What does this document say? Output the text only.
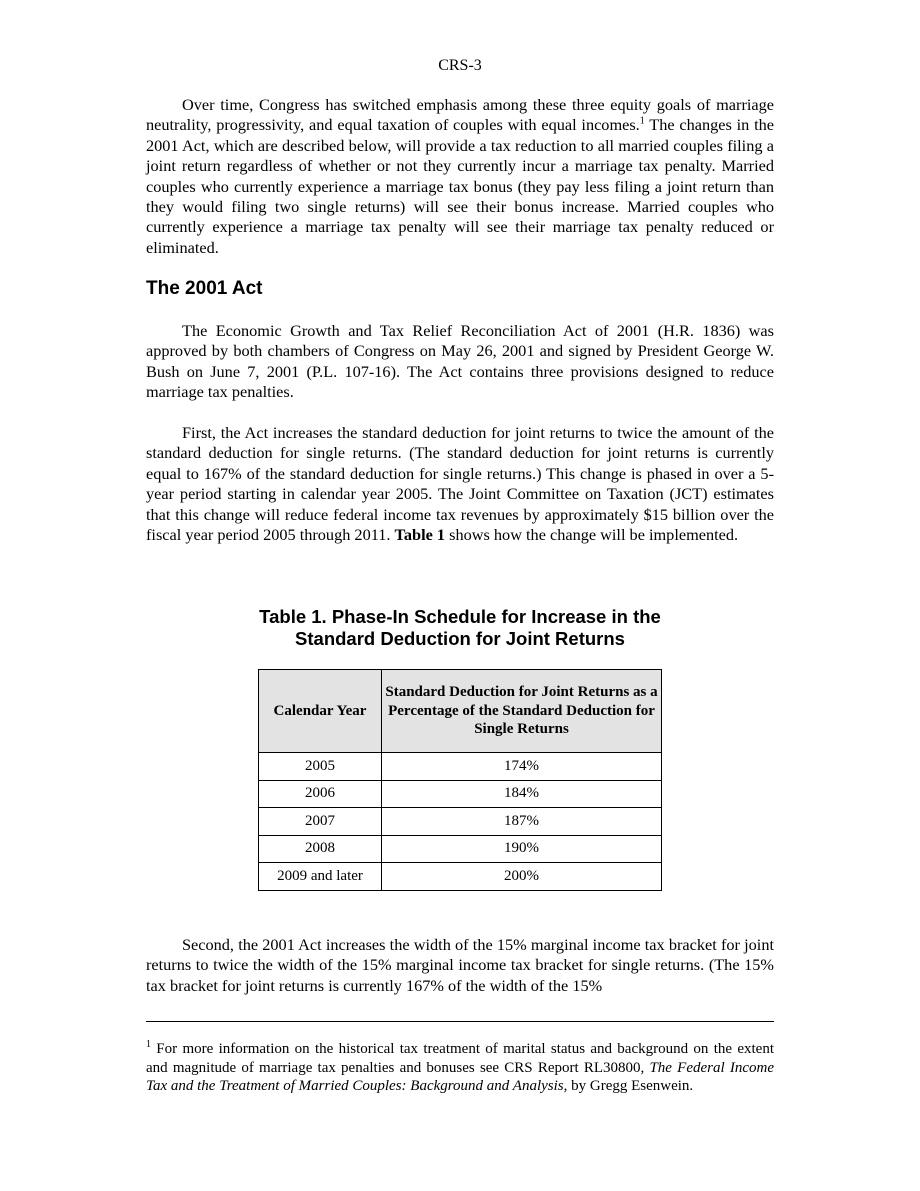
CRS-3

Over time, Congress has switched emphasis among these three equity goals of marriage neutrality, progressivity, and equal taxation of couples with equal incomes.$^1$ The changes in the 2001 Act, which are described below, will provide a tax reduction to all married couples filing a joint return regardless of whether or not they currently incur a marriage tax penalty. Married couples who currently experience a marriage tax bonus (they pay less filing a joint return than they would filing two single returns) will see their bonus increase. Married couples who currently experience a marriage tax penalty will see their marriage tax penalty reduced or eliminated.

The 2001 Act

The Economic Growth and Tax Relief Reconciliation Act of 2001 (H.R. 1836) was approved by both chambers of Congress on May 26, 2001 and signed by President George W. Bush on June 7, 2001 (P.L. 107-16). The Act contains three provisions designed to reduce marriage tax penalties.

First, the Act increases the standard deduction for joint returns to twice the amount of the standard deduction for single returns. (The standard deduction for joint returns is currently equal to 167% of the standard deduction for single returns.) This change is phased in over a 5-year period starting in calendar year 2005. The Joint Committee on Taxation (JCT) estimates that this change will reduce federal income tax revenues by approximately $15 billion over the fiscal year period 2005 through 2011. Table 1 shows how the change will be implemented.

Table 1. Phase-In Schedule for Increase in the
Standard Deduction for Joint Returns
Calendar Year	Standard Deduction for Joint Returns as a Percentage of the Standard Deduction for Single Returns
2005	174%
2006	184%
2007	187%
2008	190%
2009 and later	200%

Second, the 2001 Act increases the width of the 15% marginal income tax bracket for joint returns to twice the width of the 15% marginal income tax bracket for single returns. (The 15% tax bracket for joint returns is currently 167% of the width of the 15%

$^1$ For more information on the historical tax treatment of marital status and background on the extent and magnitude of marriage tax penalties and bonuses see CRS Report RL30800, The Federal Income Tax and the Treatment of Married Couples: Background and Analysis, by Gregg Esenwein.
